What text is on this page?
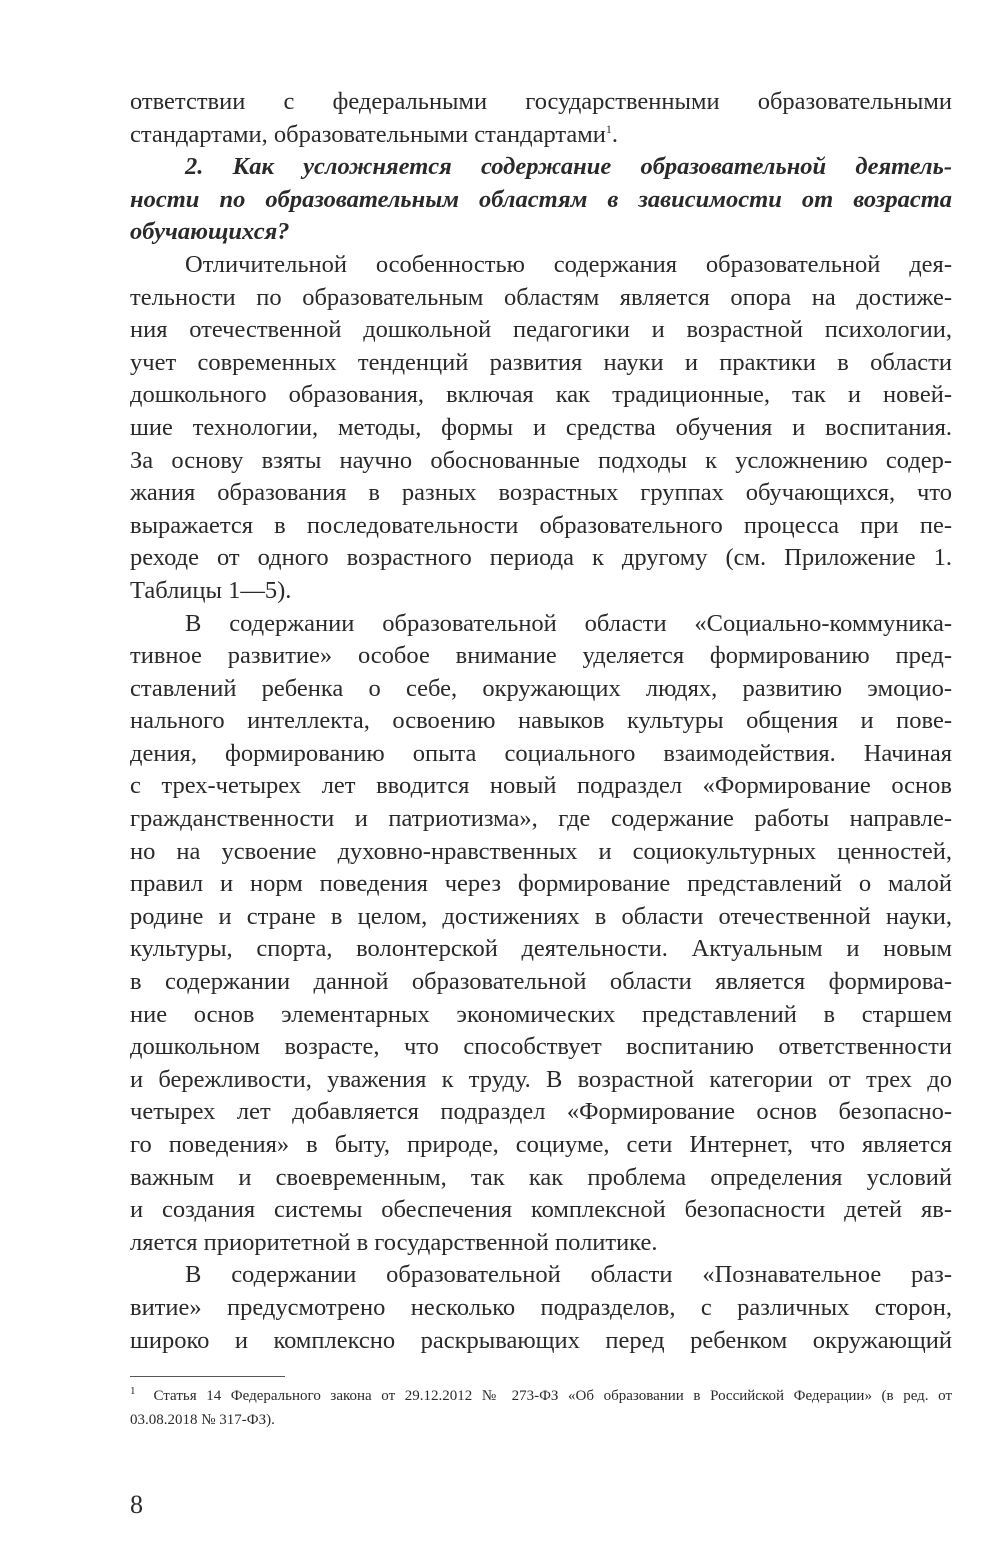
ответствии с федеральными государственными образовательными
стандартами, образовательными стандартами$^1$.
2. Как усложняется содержание образовательной деятель-
ности по образовательным областям в зависимости от возраста
обучающихся?
Отличительной особенностью содержания образовательной дея-
тельности по образовательным областям является опора на достиже-
ния отечественной дошкольной педагогики и возрастной психологии,
учет современных тенденций развития науки и практики в области
дошкольного образования, включая как традиционные, так и новей-
шие технологии, методы, формы и средства обучения и воспитания.
За основу взяты научно обоснованные подходы к усложнению содер-
жания образования в разных возрастных группах обучающихся, что
выражается в последовательности образовательного процесса при пе-
реходе от одного возрастного периода к другому (см. Приложение 1.
Таблицы 1—5).
В содержании образовательной области «Социально-коммуника-
тивное развитие» особое внимание уделяется формированию пред-
ставлений ребенка о себе, окружающих людях, развитию эмоцио-
нального интеллекта, освоению навыков культуры общения и пове-
дения, формированию опыта социального взаимодействия. Начиная
с трех-четырех лет вводится новый подраздел «Формирование основ
гражданственности и патриотизма», где содержание работы направле-
но на усвоение духовно-нравственных и социокультурных ценностей,
правил и норм поведения через формирование представлений о малой
родине и стране в целом, достижениях в области отечественной науки,
культуры, спорта, волонтерской деятельности. Актуальным и новым
в содержании данной образовательной области является формирова-
ние основ элементарных экономических представлений в старшем
дошкольном возрасте, что способствует воспитанию ответственности
и бережливости, уважения к труду. В возрастной категории от трех до
четырех лет добавляется подраздел «Формирование основ безопасно-
го поведения» в быту, природе, социуме, сети Интернет, что является
важным и своевременным, так как проблема определения условий
и создания системы обеспечения комплексной безопасности детей яв-
ляется приоритетной в государственной политике.
В содержании образовательной области «Познавательное раз-
витие» предусмотрено несколько подразделов, с различных сторон,
широко и комплексно раскрывающих перед ребенком окружающий
$^1$ Статья 14 Федерального закона от 29.12.2012 № 273-ФЗ «Об образовании в Российской Федерации» (в ред. от
03.08.2018 № 317-ФЗ).
8
